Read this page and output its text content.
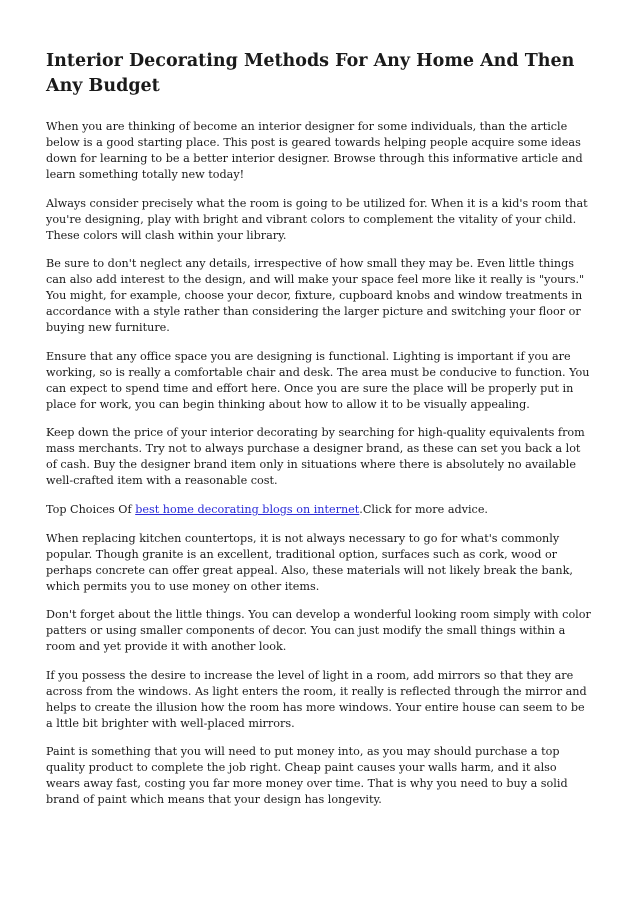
Interior Decorating Methods For Any Home And Then Any Budget

When you are thinking of become an interior designer for some individuals, than the article below is a good starting place. This post is geared towards helping people acquire some ideas down for learning to be a better interior designer. Browse through this informative article and learn something totally new today!

Always consider precisely what the room is going to be utilized for. When it is a kid's room that you're designing, play with bright and vibrant colors to complement the vitality of your child. These colors will clash within your library.

Be sure to don't neglect any details, irrespective of how small they may be. Even little things can also add interest to the design, and will make your space feel more like it really is "yours." You might, for example, choose your decor, fixture, cupboard knobs and window treatments in accordance with a style rather than considering the larger picture and switching your floor or buying new furniture.

Ensure that any office space you are designing is functional. Lighting is important if you are working, so is really a comfortable chair and desk. The area must be conducive to function. You can expect to spend time and effort here. Once you are sure the place will be properly put in place for work, you can begin thinking about how to allow it to be visually appealing.

Keep down the price of your interior decorating by searching for high-quality equivalents from mass merchants. Try not to always purchase a designer brand, as these can set you back a lot of cash. Buy the designer brand item only in situations where there is absolutely no available well-crafted item with a reasonable cost.

Top Choices Of best home decorating blogs on internet.Click for more advice.

When replacing kitchen countertops, it is not always necessary to go for what's commonly popular. Though granite is an excellent, traditional option, surfaces such as cork, wood or perhaps concrete can offer great appeal. Also, these materials will not likely break the bank, which permits you to use money on other items.

Don't forget about the little things. You can develop a wonderful looking room simply with color patters or using smaller components of decor. You can just modify the small things within a room and yet provide it with another look.

If you possess the desire to increase the level of light in a room, add mirrors so that they are across from the windows. As light enters the room, it really is reflected through the mirror and helps to create the illusion how the room has more windows. Your entire house can seem to be a lttle bit brighter with well-placed mirrors.

Paint is something that you will need to put money into, as you may should purchase a top quality product to complete the job right. Cheap paint causes your walls harm, and it also wears away fast, costing you far more money over time. That is why you need to buy a solid brand of paint which means that your design has longevity.
